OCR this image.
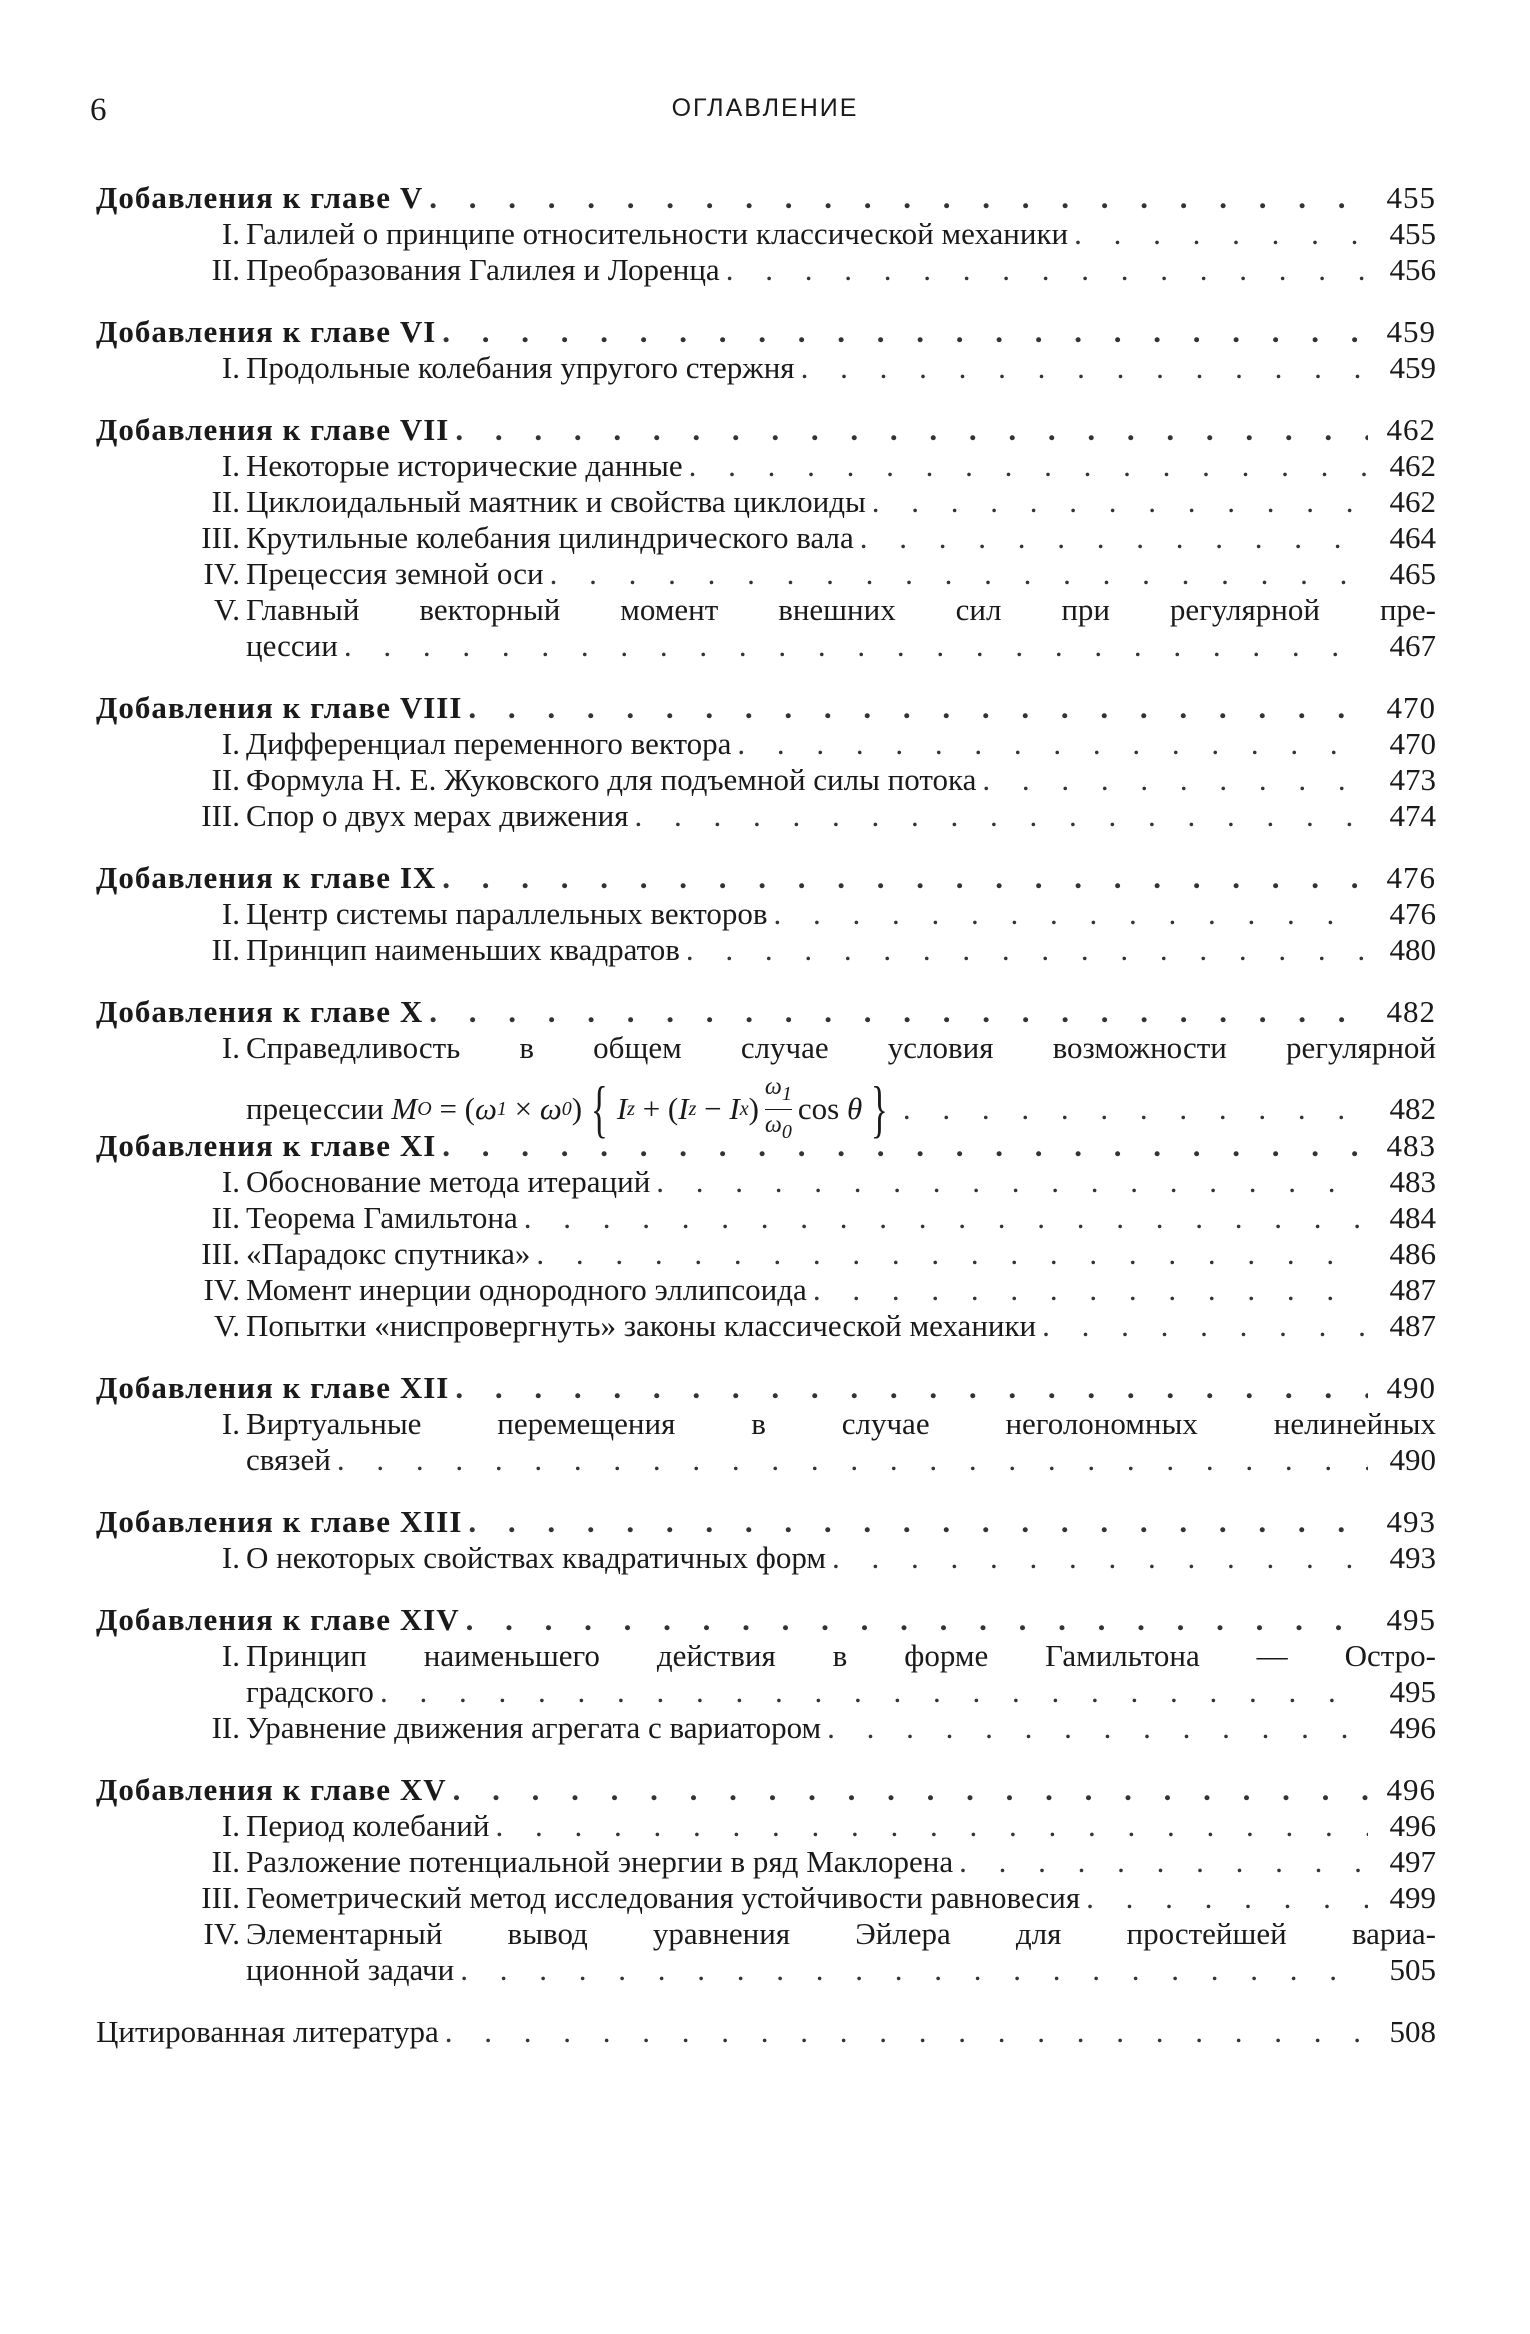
6	ОГЛАВЛЕНИЕ
Добавления к главе V . . .	455
I. Галилей о принципе относительности классической механики . . .	455
II. Преобразования Галилея и Лоренца . . .	456
Добавления к главе VI . . .	459
I. Продольные колебания упругого стержня . . .	459
Добавления к главе VII . . .	462
I. Некоторые исторические данные . . .	462
II. Циклоидальный маятник и свойства циклоиды . . .	462
III. Крутильные колебания цилиндрического вала . . .	464
IV. Прецессия земной оси . . .	465
V. Главный векторный момент внешних сил при регулярной пре-
цессии . . .	467
Добавления к главе VIII . . .	470
I. Дифференциал переменного вектора . . .	470
II. Формула Н. Е. Жуковского для подъемной силы потока . . .	473
III. Спор о двух мерах движения . . .	474
Добавления к главе IX . . .	476
I. Центр системы параллельных векторов . . .	476
II. Принцип наименьших квадратов . . .	480
Добавления к главе X . . .	482
I. Справедливость в общем случае условия возможности регулярной
прецессии M O = ( ω 1 × ω 0 ) { I z + ( I z − I x ) $\frac{\omega_1}{\omega_0}$ cos θ } . . .	482
Добавления к главе XI . . .	483
I. Обоснование метода итераций . . .	483
II. Теорема Гамильтона . . .	484
III. «Парадокс спутника» . . .	486
IV. Момент инерции однородного эллипсоида . . .	487
V. Попытки «ниспровергнуть» законы классической механики . . .	487
Добавления к главе XII . . .	490
I. Виртуальные перемещения в случае неголономных нелинейных
связей . . .	490
Добавления к главе XIII . . .	493
I. О некоторых свойствах квадратичных форм . . .	493
Добавления к главе XIV . . .	495
I. Принцип наименьшего действия в форме Гамильтона — Остро-
градского . . .	495
II. Уравнение движения агрегата с вариатором . . .	496
Добавления к главе XV . . .	496
I. Период колебаний . . .	496
II. Разложение потенциальной энергии в ряд Маклорена . . .	497
III. Геометрический метод исследования устойчивости равновесия . . .	499
IV. Элементарный вывод уравнения Эйлера для простейшей вариа-
ционной задачи . . .	505
Цитированная литература . . .	508
